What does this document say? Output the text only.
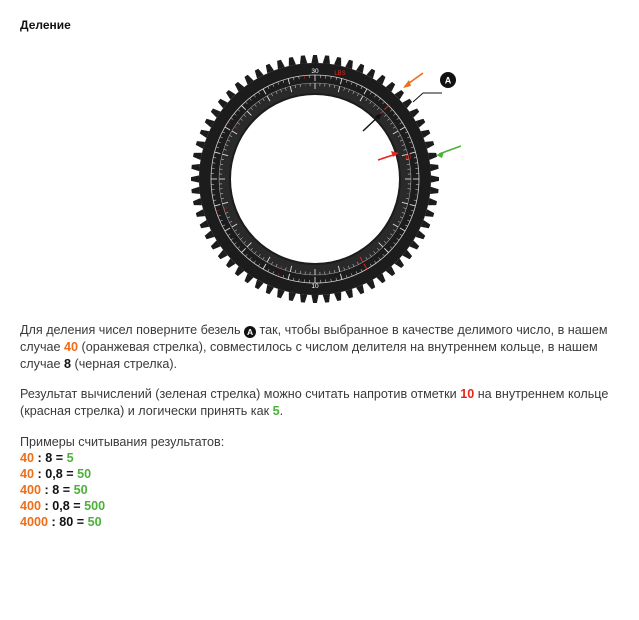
Деление
30	LBS
10
10
A
Для деления чисел поверните безель A так, чтобы выбранное в качестве делимого число, в нашем случае 40 (оранжевая стрелка), совместилось с числом делителя на внутреннем кольце, в нашем случае 8 (черная стрелка).
Результат вычислений (зеленая стрелка) можно считать напротив отметки 10 на внутреннем кольце (красная стрелка) и логически принять как 5.
Примеры считывания результатов:
40 : 8 = 5
40 : 0,8 = 50
400 : 8 = 50
400 : 0,8 = 500
4000 : 80 = 50
